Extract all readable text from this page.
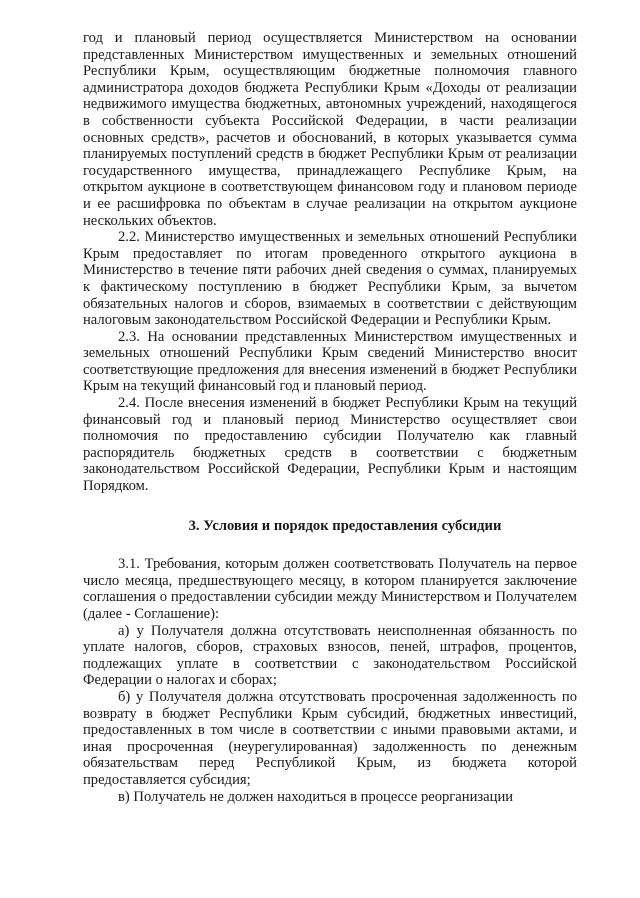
год и плановый период осуществляется Министерством на основании представленных Министерством имущественных и земельных отношений Республики Крым, осуществляющим бюджетные полномочия главного администратора доходов бюджета Республики Крым «Доходы от реализации недвижимого имущества бюджетных, автономных учреждений, находящегося в собственности субъекта Российской Федерации, в части реализации основных средств», расчетов и обоснований, в которых указывается сумма планируемых поступлений средств в бюджет Республики Крым от реализации государственного имущества, принадлежащего Республике Крым, на открытом аукционе в соответствующем финансовом году и плановом периоде и ее расшифровка по объектам в случае реализации на открытом аукционе нескольких объектов.

2.2. Министерство имущественных и земельных отношений Республики Крым предоставляет по итогам проведенного открытого аукциона в Министерство в течение пяти рабочих дней сведения о суммах, планируемых к фактическому поступлению в бюджет Республики Крым, за вычетом обязательных налогов и сборов, взимаемых в соответствии с действующим налоговым законодательством Российской Федерации и Республики Крым.

2.3. На основании представленных Министерством имущественных и земельных отношений Республики Крым сведений Министерство вносит соответствующие предложения для внесения изменений в бюджет Республики Крым на текущий финансовый год и плановый период.

2.4. После внесения изменений в бюджет Республики Крым на текущий финансовый год и плановый период Министерство осуществляет свои полномочия по предоставлению субсидии Получателю как главный распорядитель бюджетных средств в соответствии с бюджетным законодательством Российской Федерации, Республики Крым и настоящим Порядком.

3. Условия и порядок предоставления субсидии

3.1. Требования, которым должен соответствовать Получатель на первое число месяца, предшествующего месяцу, в котором планируется заключение соглашения о предоставлении субсидии между Министерством и Получателем (далее - Соглашение):

а) у Получателя должна отсутствовать неисполненная обязанность по уплате налогов, сборов, страховых взносов, пеней, штрафов, процентов, подлежащих уплате в соответствии с законодательством Российской Федерации о налогах и сборах;

б) у Получателя должна отсутствовать просроченная задолженность по возврату в бюджет Республики Крым субсидий, бюджетных инвестиций, предоставленных в том числе в соответствии с иными правовыми актами, и иная просроченная (неурегулированная) задолженность по денежным обязательствам перед Республикой Крым, из бюджета которой предоставляется субсидия;

в) Получатель не должен находиться в процессе реорганизации
